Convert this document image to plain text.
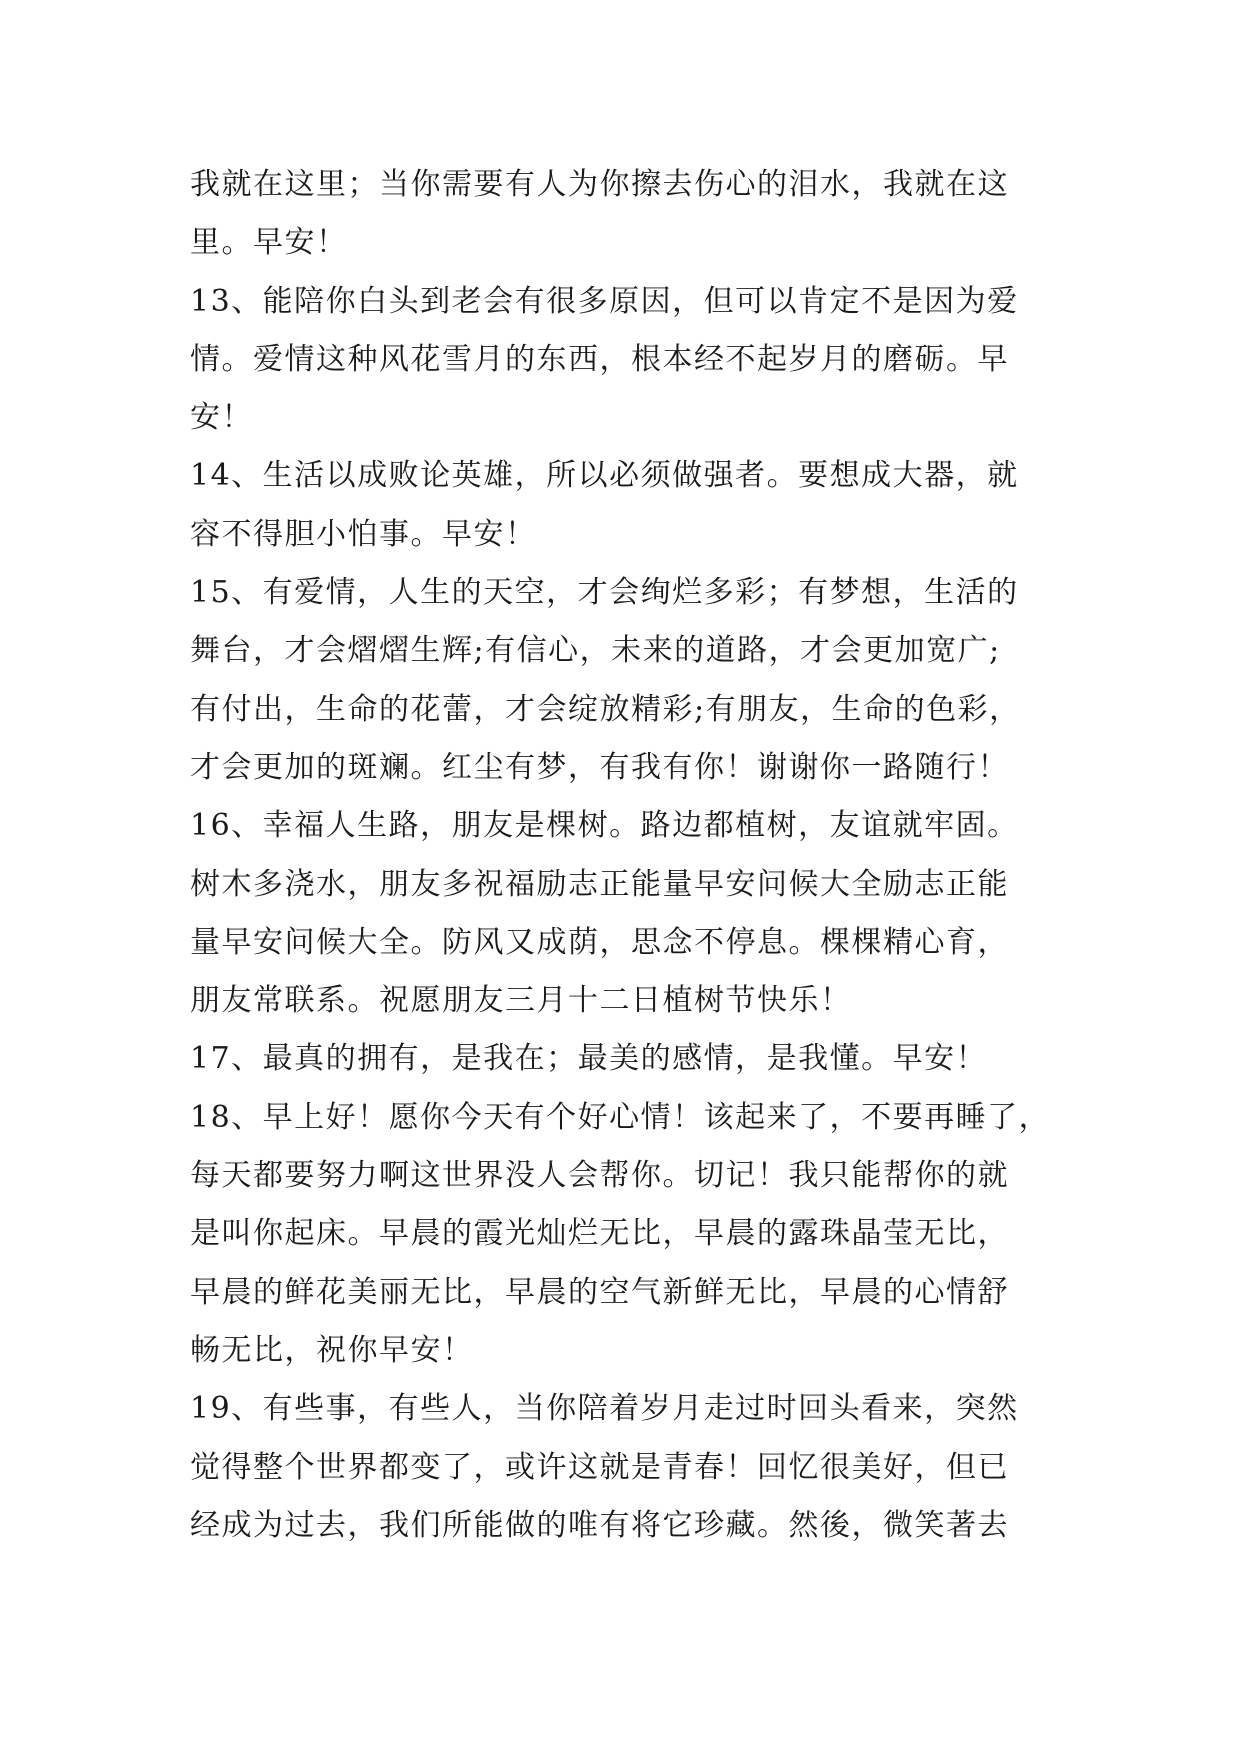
我就在这里；当你需要有人为你擦去伤心的泪水，我就在这
里。早安！
13、能陪你白头到老会有很多原因，但可以肯定不是因为爱
情。爱情这种风花雪月的东西，根本经不起岁月的磨砺。早
安！
14、生活以成败论英雄，所以必须做强者。要想成大器，就
容不得胆小怕事。早安！
15、有爱情，人生的天空，才会绚烂多彩；有梦想，生活的
舞台，才会熠熠生辉;有信心，未来的道路，才会更加宽广;
有付出，生命的花蕾，才会绽放精彩;有朋友，生命的色彩，
才会更加的斑斓。红尘有梦，有我有你！谢谢你一路随行！
16、幸福人生路，朋友是棵树。路边都植树，友谊就牢固。
树木多浇水，朋友多祝福励志正能量早安问候大全励志正能
量早安问候大全。防风又成荫，思念不停息。棵棵精心育，
朋友常联系。祝愿朋友三月十二日植树节快乐！
17、最真的拥有，是我在；最美的感情，是我懂。早安！
18、早上好！愿你今天有个好心情！该起来了，不要再睡了，
每天都要努力啊这世界没人会帮你。切记！我只能帮你的就
是叫你起床。早晨的霞光灿烂无比，早晨的露珠晶莹无比，
早晨的鲜花美丽无比，早晨的空气新鲜无比，早晨的心情舒
畅无比，祝你早安！
19、有些事，有些人，当你陪着岁月走过时回头看来，突然
觉得整个世界都变了，或许这就是青春！回忆很美好，但已
经成为过去，我们所能做的唯有将它珍藏。然後，微笑著去
